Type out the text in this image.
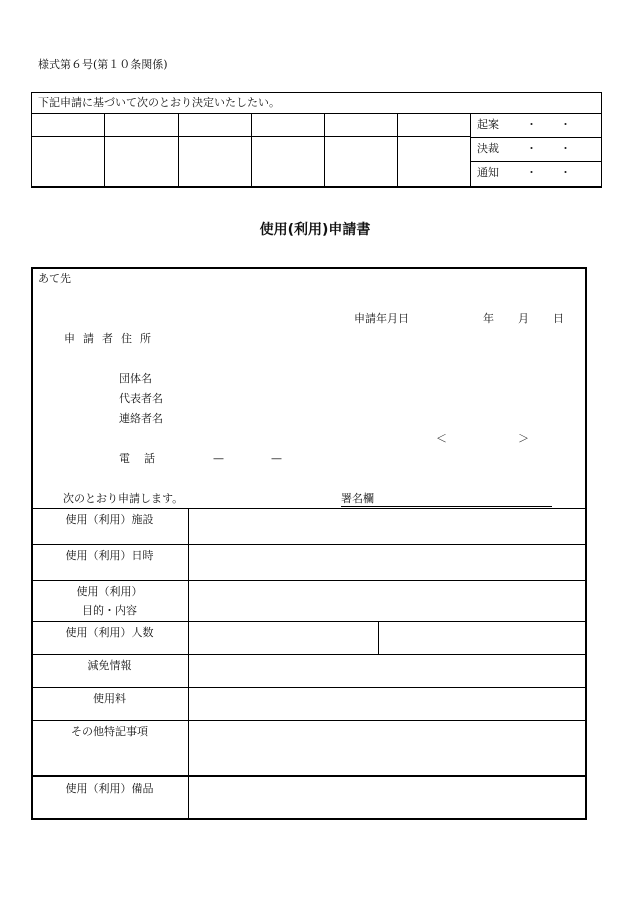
様式第６号(第１０条関係)
下記申請に基づいて次のとおり決定いたしたい。
起案 ・ ・
決裁 ・ ・
通知 ・ ・
使用(利用)申請書
あて先
申請年月日	年 月 日
申請者住所
団体名
代表者名
連絡者名
＜	＞
電話	—	—
次のとおり申請します。	署名欄
使用（利用）施設
使用（利用）日時
使用（利用）
目的・内容
使用（利用）人数
減免情報
使用料
その他特記事項
使用（利用）備品
